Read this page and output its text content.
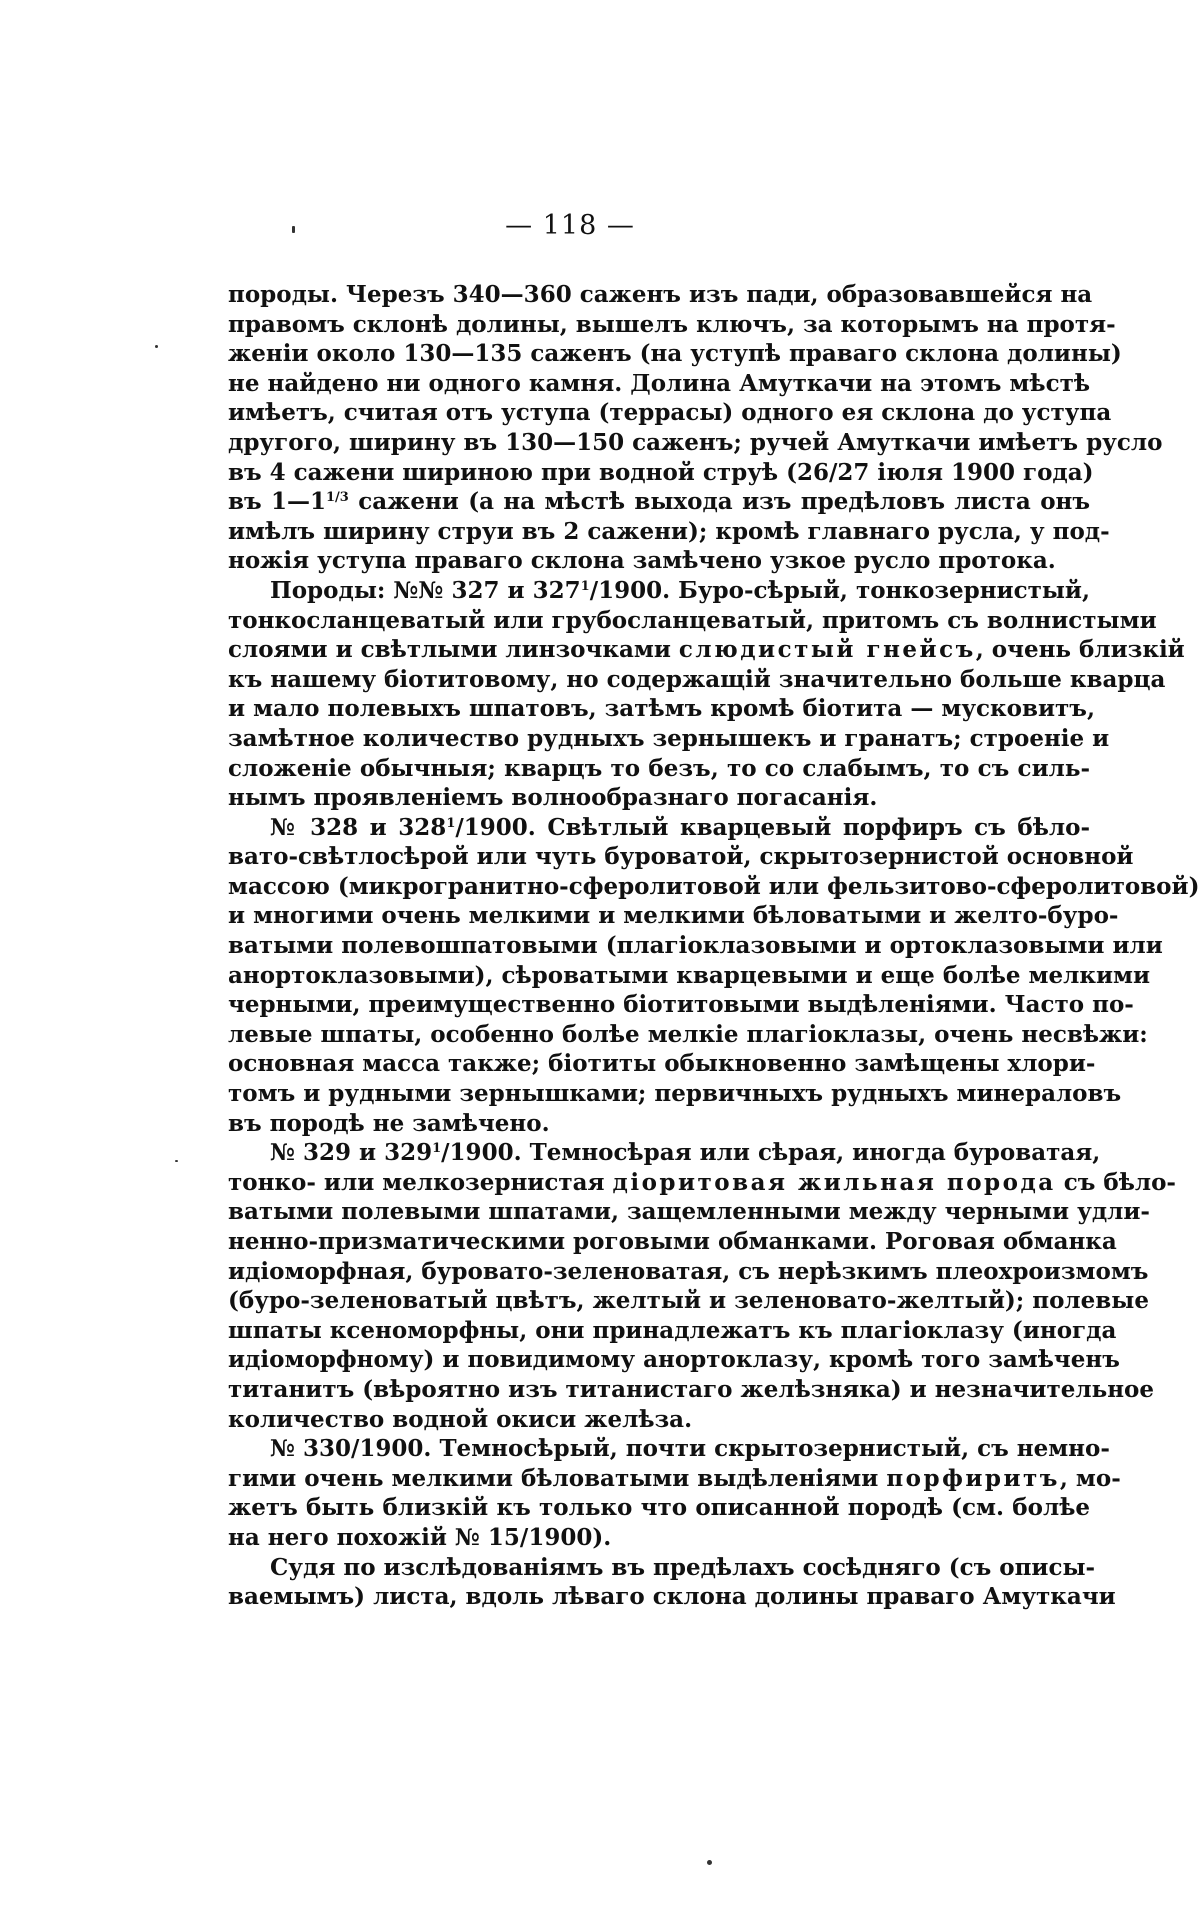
— 118 —
породы. Черезъ 340—360 саженъ изъ пади, образовавшейся на
правомъ склонѣ долины, вышелъ ключъ, за которымъ на протя-
женіи около 130—135 саженъ (на уступѣ праваго склона долины)
не найдено ни одного камня. Долина Амуткачи на этомъ мѣстѣ
имѣетъ, считая отъ уступа (террасы) одного ея склона до уступа
другого, ширину въ 130—150 саженъ; ручей Амуткачи имѣетъ русло
въ 4 сажени шириною при водной струѣ (26/27 іюля 1900 года)
въ $1—1^{1/3}$ сажени (а на мѣстѣ выхода изъ предѣловъ листа онъ
имѣлъ ширину струи въ 2 сажени); кромѣ главнаго русла, у под-
ножія уступа праваго склона замѣчено узкое русло протока.
Породы: №№ 327 и $327^1/1900$. Буро-сѣрый, тонкозернистый,
тонкосланцеватый или грубосланцеватый, притомъ съ волнистыми
слоями и свѣтлыми линзочками слюдистый гнейсъ, очень близкій
къ нашему біотитовому, но содержащій значительно больше кварца
и мало полевыхъ шпатовъ, затѣмъ кромѣ біотита — мусковитъ,
замѣтное количество рудныхъ зернышекъ и гранатъ; строеніе и
сложеніе обычныя; кварцъ то безъ, то со слабымъ, то съ силь-
нымъ проявленіемъ волнообразнаго погасанія.
№ 328 и $328^1/1900$. Свѣтлый кварцевый порфиръ съ бѣло-
вато-свѣтлосѣрой или чуть буроватой, скрытозернистой основной
массою (микрогранитно-сферолитовой или фельзитово-сферолитовой)
и многими очень мелкими и мелкими бѣловатыми и желто-буро-
ватыми полевошпатовыми (плагіоклазовыми и ортоклазовыми или
анортоклазовыми), сѣроватыми кварцевыми и еще болѣе мелкими
черными, преимущественно біотитовыми выдѣленіями. Часто по-
левые шпаты, особенно болѣе мелкіе плагіоклазы, очень несвѣжи:
основная масса также; біотиты обыкновенно замѣщены хлори-
томъ и рудными зернышками; первичныхъ рудныхъ минераловъ
въ породѣ не замѣчено.
№ 329 и $329^1/1900$. Темносѣрая или сѣрая, иногда буроватая,
тонко- или мелкозернистая діоритовая жильная порода съ бѣло-
ватыми полевыми шпатами, защемленными между черными удли-
ненно-призматическими роговыми обманками. Роговая обманка
идіоморфная, буровато-зеленоватая, съ нерѣзкимъ плеохроизмомъ
(буро-зеленоватый цвѣтъ, желтый и зеленовато-желтый); полевые
шпаты ксеноморфны, они принадлежатъ къ плагіоклазу (иногда
идіоморфному) и повидимому анортоклазу, кромѣ того замѣченъ
титанитъ (вѣроятно изъ титанистаго желѣзняка) и незначительное
количество водной окиси желѣза.
№ 330/1900. Темносѣрый, почти скрытозернистый, съ немно-
гими очень мелкими бѣловатыми выдѣленіями порфиритъ, мо-
жетъ быть близкій къ только что описанной породѣ (см. болѣе
на него похожій № 15/1900).
Судя по изслѣдованіямъ въ предѣлахъ сосѣдняго (съ описы-
ваемымъ) листа, вдоль лѣваго склона долины праваго Амуткачи
